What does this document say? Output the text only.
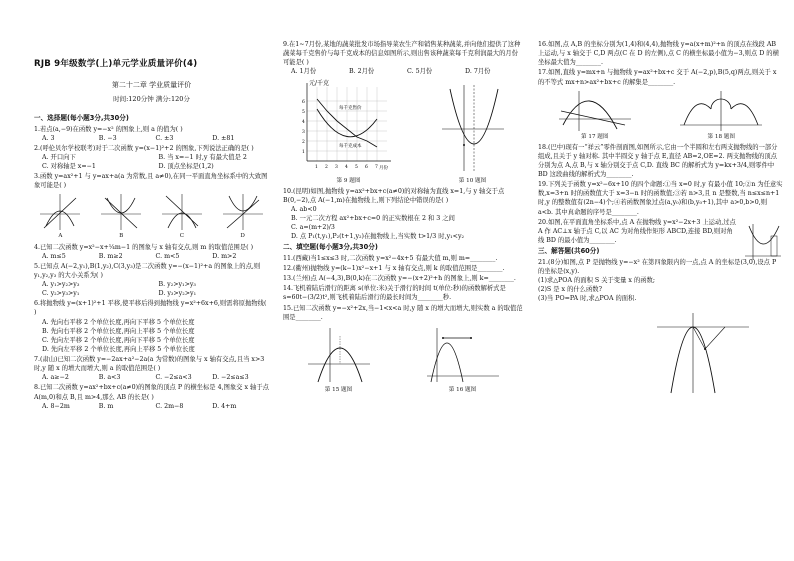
RJB 9年级数学(上)单元学业质量评价(4)
第二十二章 学业质量评价
时间:120分钟 满分:120分
一、选择题(每小题3分,共30分)
1.若点(a,−9)在函数 y=−x² 的图象上,则 a 的值为( )
A. 3	B. −3	C. ±3	D. ±81
2.(呼伦贝尔学校联考)对于二次函数 y=(x−1)²+2 的图象,下列说法正确的是( )
A. 开口向下	B. 当 x=−1 时,y 有最大值是 2
C. 对称轴是 x=−1	D. 顶点坐标是(1,2)
3.函数 y=ax²+1 与 y=ax+a(a 为常数,且 a≠0),在同一平面直角坐标系中的大致图象可能是( )
A	B	C	D
4.已知二次函数 y=x²−x+¼m−1 的图象与 x 轴有交点,则 m 的取值范围是( )
A. m≤5	B. m≥2	C. m<5	D. m>2
5.已知点 A(−2,y₁),B(1,y₂),C(3,y₃)是二次函数 y=−(x−1)²+a 的图象上的点,则 y₁,y₂,y₃ 的大小关系为( )
A. y₁>y₂>y₃	B. y₂>y₁>y₃
C. y₂>y₃>y₁	D. y₃>y₂>y₁
6.将抛物线 y=(x+1)²+1 平移,使平移后得到抛物线 y=x²+6x+6,则需将原抛物线( )
A. 先向右平移 2 个单位长度,再向下平移 5 个单位长度
B. 先向右平移 2 个单位长度,再向上平移 5 个单位长度
C. 先向左平移 2 个单位长度,再向下平移 5 个单位长度
D. 先向左平移 2 个单位长度,再向上平移 5 个单位长度
7.(肃山)已知二次函数 y=−2ax+a²−2a(a 为常数)的图象与 x 轴有交点,且当 x>3 时,y 随 x 的增大而增大,则 a 的取值范围是( )
A. a≥−2	B. a<3	C. −2≤a<3	D. −2≤a≤3
8.已知二次函数 y=ax²+bx+c(a≠0)的图象的顶点 P 的横坐标是 4,图象交 x 轴于点 A(m,0)和点 B,且 m>4,那么 AB 的长是( )
A. 8−2m	B. m	C. 2m−8	D. 4+m
9.在1~7月份,某地的蔬菜批发市场指导菜农生产和销售某种蔬菜,并向他们提供了这种蔬菜每千克售价与每千克成本的信息如图所示,则出售该种蔬菜每千克利润最大的月份可能是( )
A. 1月份	B. 2月份	C. 5月份	D. 7月份
元/千克
每千克售价
每千克成本
月份
1 2 3 4 5 6 7
1
2
3
4
5
6
第 9 题图	第 10 题图
10.(昆明)如图,抛物线 y=ax²+bx+c(a≠0)的对称轴为直线 x=1,与 y 轴交于点 B(0,−2),点 A(−1,m)在抛物线上,则下列结论中错误的是( )
A. ab<0
B. 一元二次方程 ax²+bx+c=0 的正实数根在 2 和 3 之间
C. a=(m+2)/3
D. 点 P₁(t,y₁),P₂(t+1,y₂)在抛物线上,当实数 t>1/3 时,y₁<y₂
二、填空题(每小题3分,共30分)
11.(西藏)当1≤x≤3 时,二次函数 y=x²−4x+5 有最大值 m,则 m=________.
12.(衢州)抛物线 y=(k−1)x²−x+1 与 x 轴有交点,则 k 的取值范围是________.
13.(兰州)点 A(−4,3),B(0,k)在二次函数 y=−(x+2)²+h 的图象上,则 k=________.
14.飞机着陆后滑行的距离 s(单位:米)关于滑行的时间 t(单位:秒)的函数解析式是 s=60t−(3/2)t²,则飞机着陆后滑行的最长时间为________秒.
15.已知二次函数 y=−x²+2x,当−1<x<a 时,y 随 x 的增大而增大,则实数 a 的取值范围是________.
第 15 题图	第 16 题图
16.如图,点 A,B 的坐标分别为(1,4)和(4,4),抛物线 y=a(x+m)²+n 的顶点在线段 AB 上运动,与 x 轴交于 C,D 两点(C 在 D 的左侧),点 C 的横坐标最小值为−3,则点 D 的横坐标最大值为________.
17.如图,直线 y=mx+n 与抛物线 y=ax²+bx+c 交于 A(−2,p),B(5,q)两点,则关于 x 的不等式 mx+n>ax²+bx+c 的解集是________.
第 17 题图	第 18 题图
18.(巴中)现有一“祥云”零件剖面图,如图所示,它由一个半圆和左右两支抛物线的一部分组成,且关于 y 轴对称. 其中半圆交 y 轴于点 E,直径 AB=2,OE=2. 两支抛物线的顶点分别为点 A,点 B,与 x 轴分别交于点 C,D. 直线 BC 的解析式为 y=kx+3/4,则零件中 BD 这段曲线的解析式为________.
19.下列关于函数 y=x²−6x+10 的四个命题:①当 x=0 时,y 有最小值 10;②n 为任意实数,x=3+n 时的函数值大于 x=3−n 时的函数值;③若 n>3,且 n 是整数,当 n≤x≤n+1 时,y 的整数值有(2n−4)个;④若函数图象过点(a,y₀)和(b,y₀+1),其中 a>0,b>0,则 a<b. 其中真命题的序号是________.
20.如图,在平面直角坐标系中,点 A 在抛物线 y=x²−2x+3 上运动,过点 A 作 AC⊥x 轴于点 C,以 AC 为对角线作矩形 ABCD,连接 BD,则对角线 BD 的最小值为________.
三、解答题(共60分)
21.(8分)如图,点 P 是抛物线 y=−x² 在第四象限内的一点,点 A 的坐标是(3,0),设点 P 的坐标是(x,y).
(1)求△POA 的面积 S 关于变量 x 的函数;
(2)S 是 x 的什么函数?
(3)当 PO=PA 时,求△POA 的面积.
